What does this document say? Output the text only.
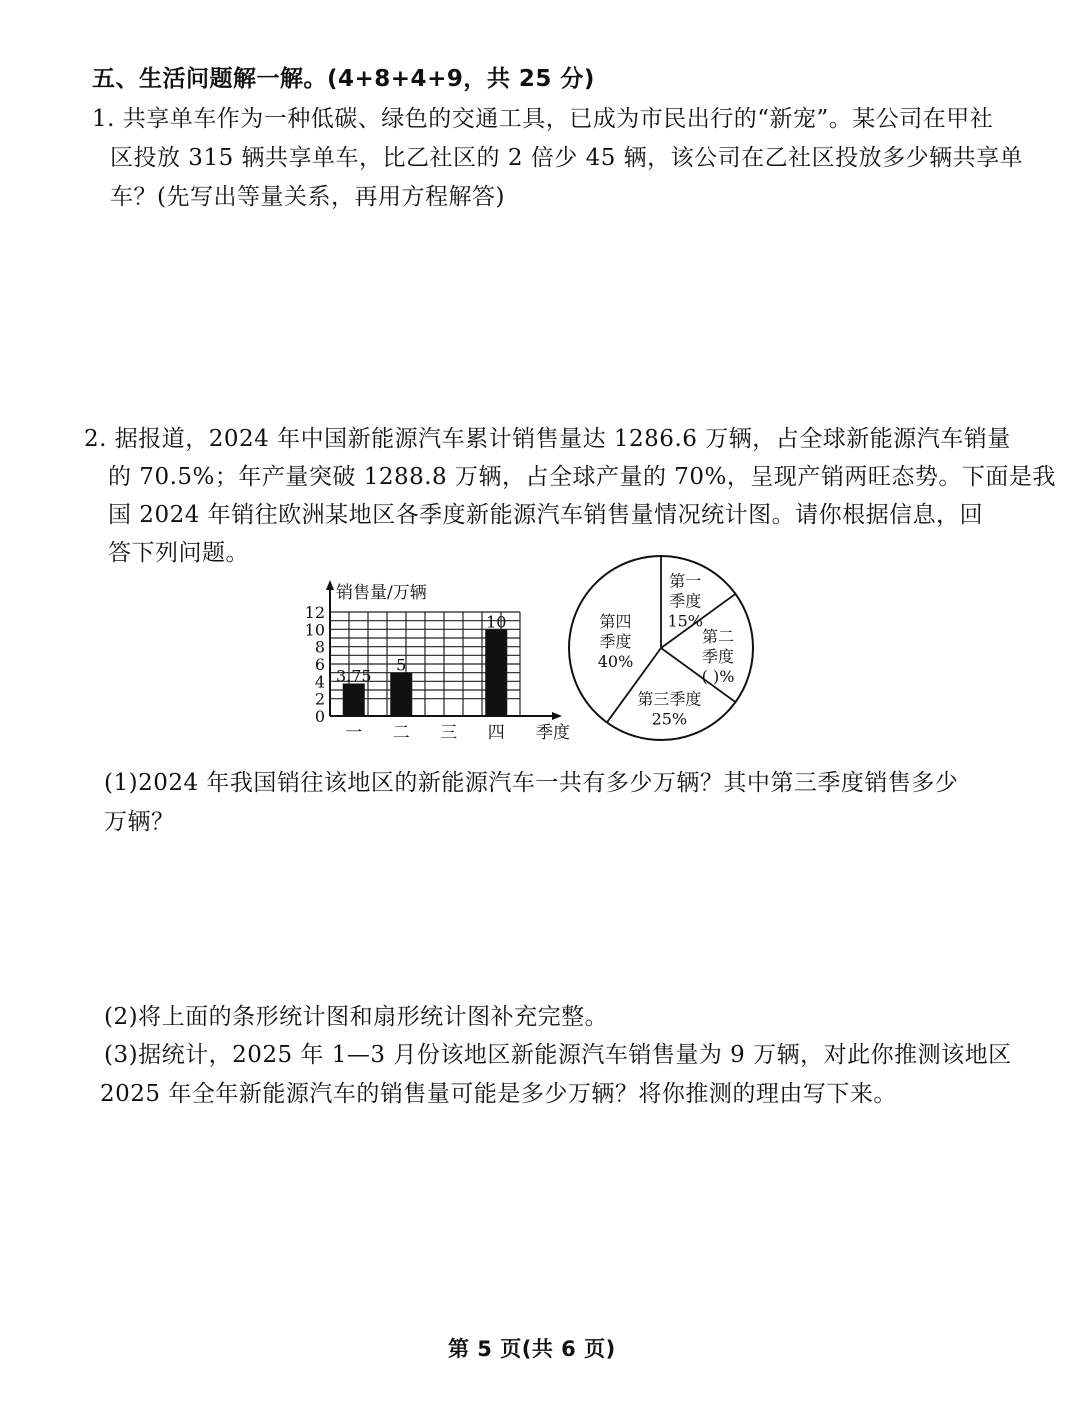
五、生活问题解一解。(4+8+4+9，共 25 分)
1. 共享单车作为一种低碳、绿色的交通工具，已成为市民出行的“新宠”。某公司在甲社
区投放 315 辆共享单车，比乙社区的 2 倍少 45 辆，该公司在乙社区投放多少辆共享单
车？(先写出等量关系，再用方程解答)
2. 据报道，2024 年中国新能源汽车累计销售量达 1286.6 万辆，占全球新能源汽车销量
的 70.5%；年产量突破 1288.8 万辆，占全球产量的 70%，呈现产销两旺态势。下面是我
国 2024 年销往欧洲某地区各季度新能源汽车销售量情况统计图。请你根据信息，回
答下列问题。
0
2
4
6
8
10
12
销售量/万辆
季度
一
3.75
二
5
三 四
10
第一
季度
15%
第二
季度
( )%
第三季度
25%
第四
季度
40%
(1)2024 年我国销往该地区的新能源汽车一共有多少万辆？其中第三季度销售多少
万辆？
(2)将上面的条形统计图和扇形统计图补充完整。
(3)据统计，2025 年 1—3 月份该地区新能源汽车销售量为 9 万辆，对此你推测该地区
2025 年全年新能源汽车的销售量可能是多少万辆？将你推测的理由写下来。
第 5 页(共 6 页)
